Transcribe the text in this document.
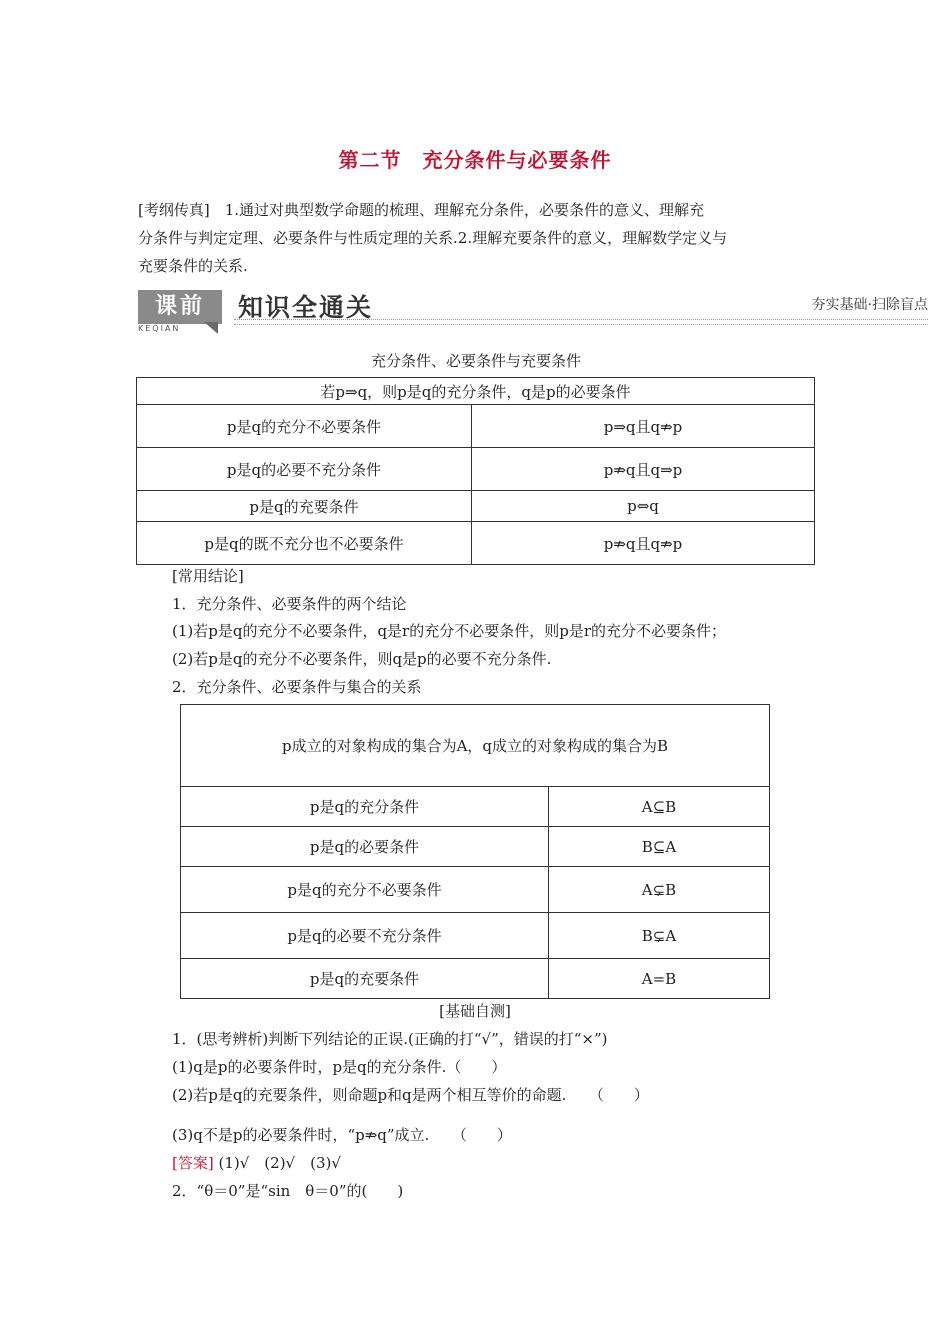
第二节　充分条件与必要条件
[考纲传真]　1.通过对典型数学命题的梳理、理解充分条件，必要条件的意义、理解充
分条件与判定定理、必要条件与性质定理的关系.2.理解充要条件的意义，理解数学定义与
充要条件的关系.
课前
KEQIAN
知识全通关	夯实基础·扫除盲点
充分条件、必要条件与充要条件
若p⇒q，则p是q的充分条件，q是p的必要条件	
p是q的充分不必要条件	p⇒q且q⇏p
p是q的必要不充分条件	p⇏q且q⇒p
p是q的充要条件	p⇔q
p是q的既不充分也不必要条件	p⇏q且q⇏p
[常用结论]
1．充分条件、必要条件的两个结论
(1)若p是q的充分不必要条件，q是r的充分不必要条件，则p是r的充分不必要条件；
(2)若p是q的充分不必要条件，则q是p的必要不充分条件.
2．充分条件、必要条件与集合的关系
p成立的对象构成的集合为A，q成立的对象构成的集合为B	
p是q的充分条件	A⊆B
p是q的必要条件	B⊆A
p是q的充分不必要条件	A⊊B
p是q的必要不充分条件	B⊊A
p是q的充要条件	A=B
[基础自测]
1．(思考辨析)判断下列结论的正误.(正确的打“√”，错误的打“×”)
(1)q是p的必要条件时，p是q的充分条件.（　　）
(2)若p是q的充要条件，则命题p和q是两个相互等价的命题.　　（　　）
(3)q不是p的必要条件时，“p⇏q”成立.　　（　　）
[答案] (1)√　(2)√　(3)√
2．“θ＝0”是“sin　θ＝0”的(　　)
